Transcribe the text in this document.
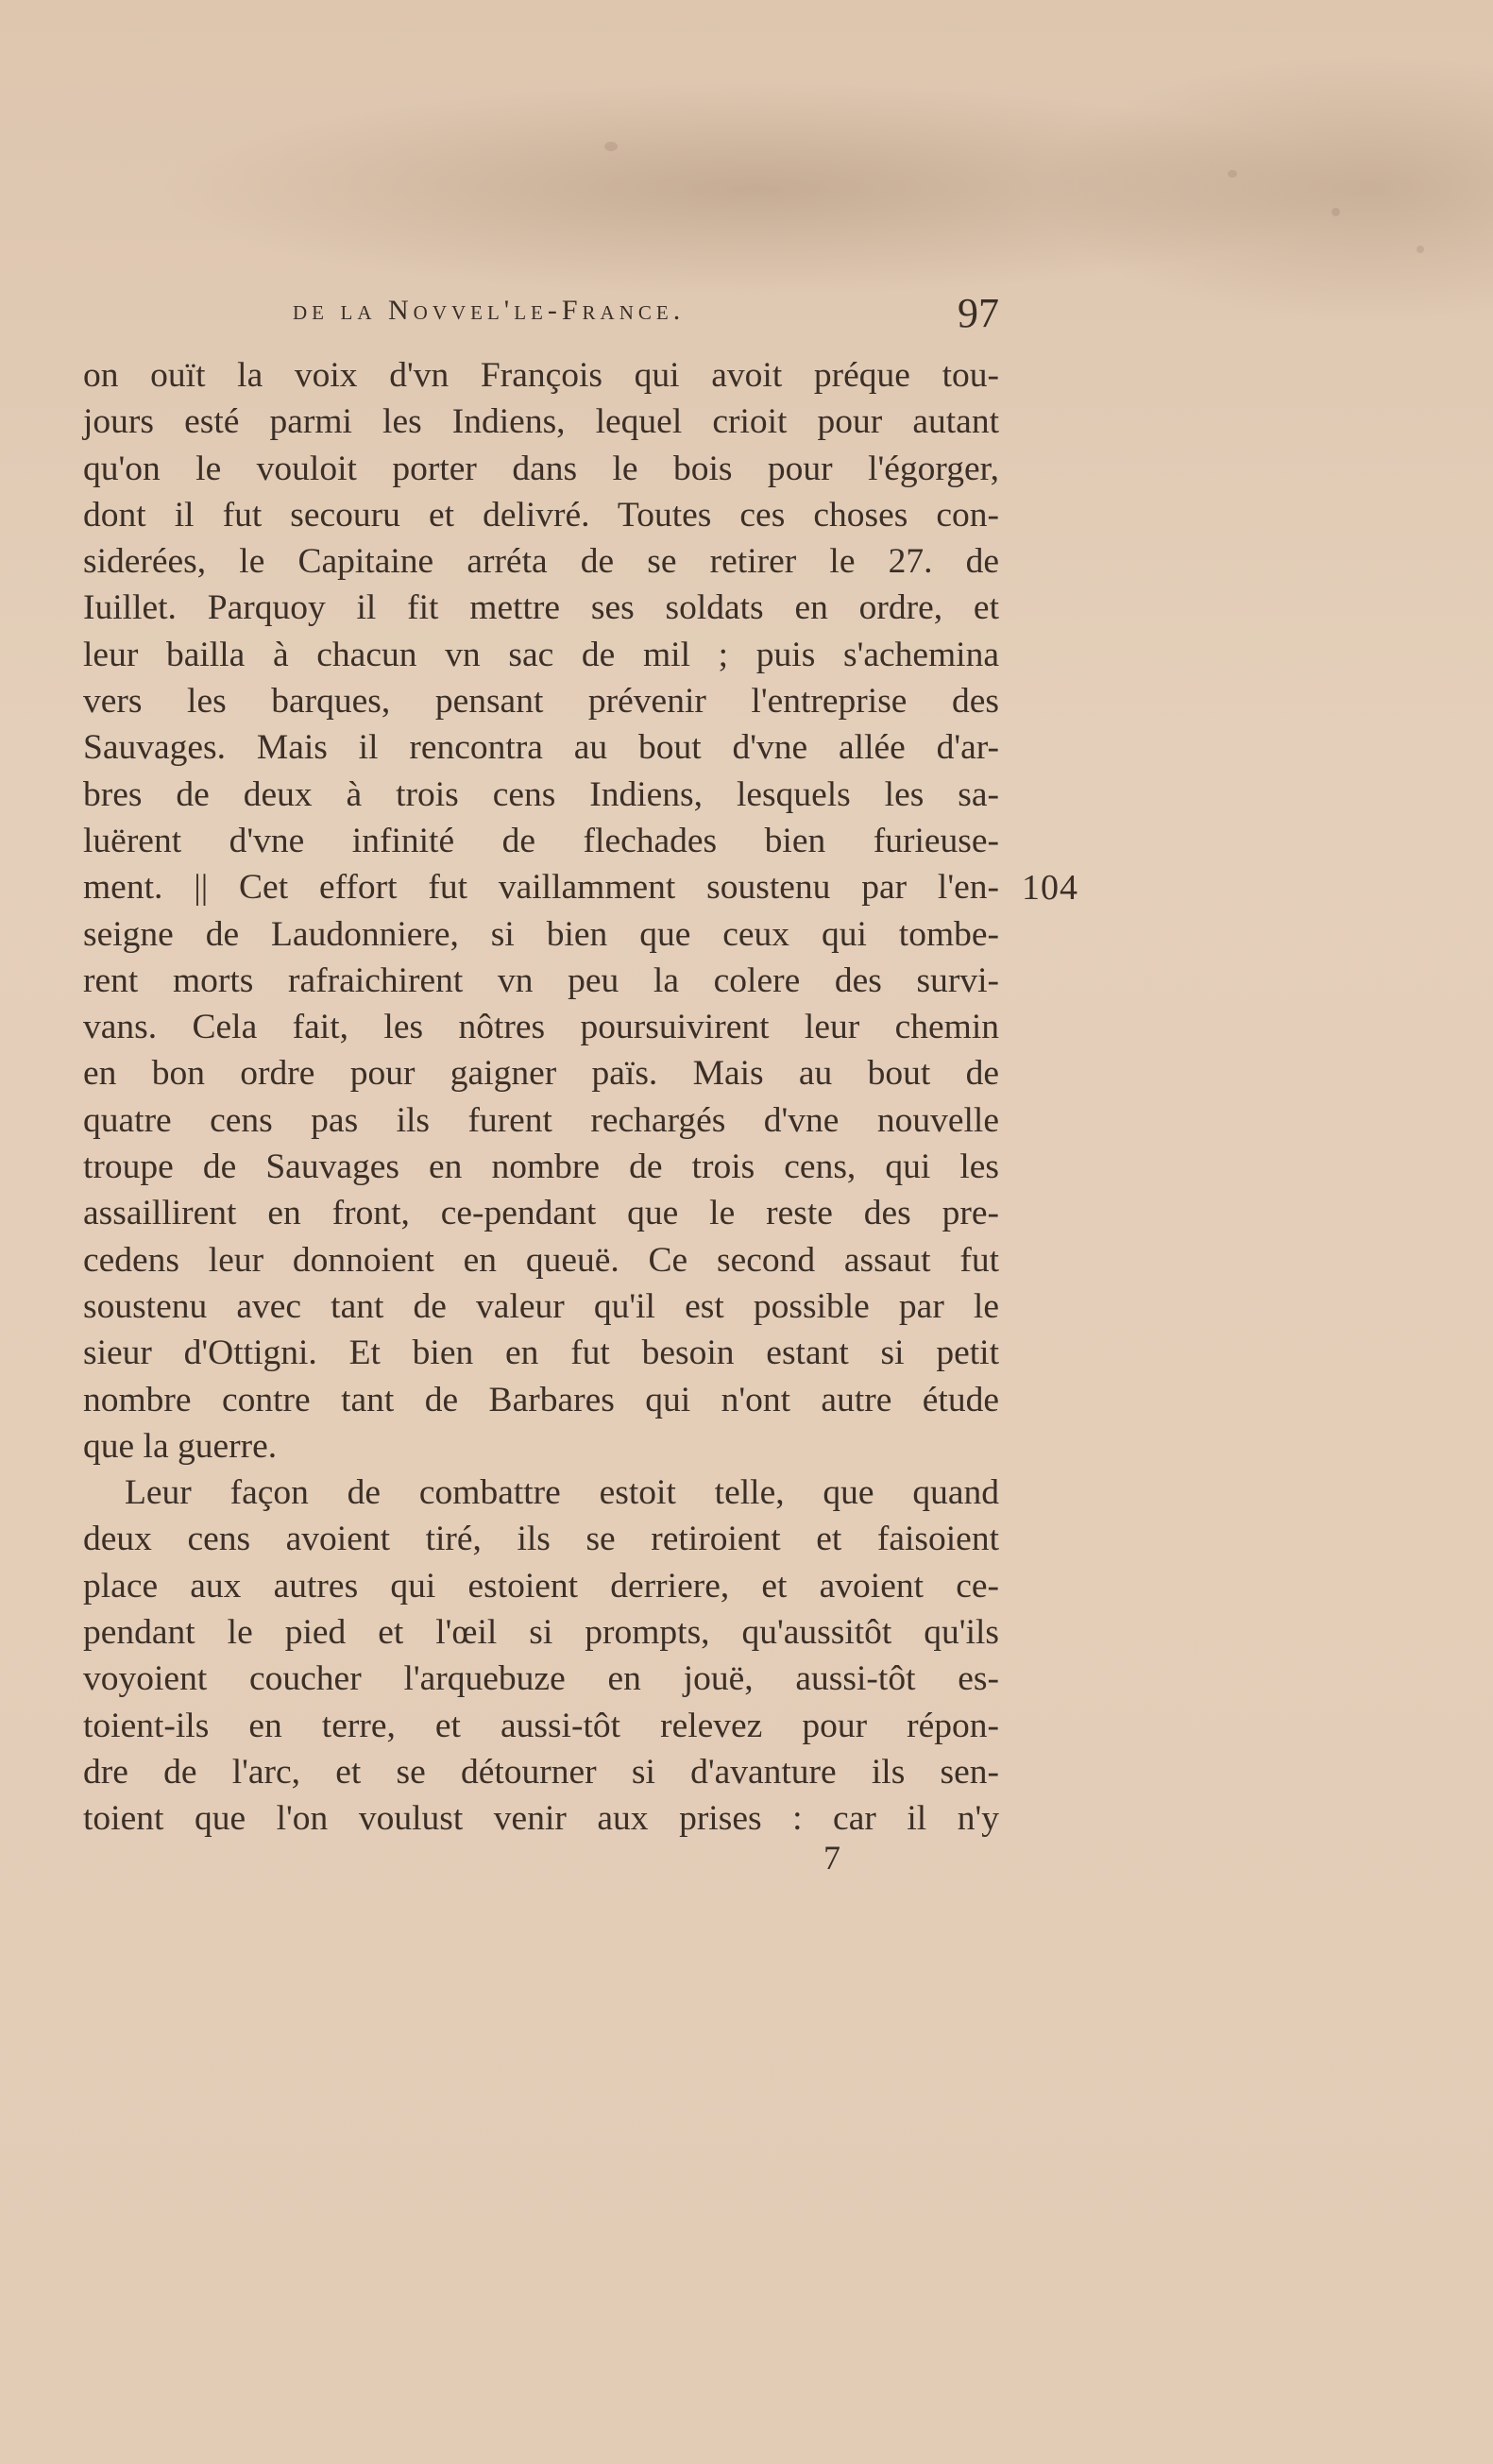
de la Novvel'le-France.	97
on ouït la voix d'vn François qui avoit préque tou-
jours esté parmi les Indiens, lequel crioit pour autant
qu'on le vouloit porter dans le bois pour l'égorger,
dont il fut secouru et delivré. Toutes ces choses con-
siderées, le Capitaine arréta de se retirer le 27. de
Iuillet. Parquoy il fit mettre ses soldats en ordre, et
leur bailla à chacun vn sac de mil ; puis s'achemina
vers les barques, pensant prévenir l'entreprise des
Sauvages. Mais il rencontra au bout d'vne allée d'ar-
bres de deux à trois cens Indiens, lesquels les sa-
luërent d'vne infinité de flechades bien furieuse-
ment. || Cet effort fut vaillamment soustenu par l'en-
seigne de Laudonniere, si bien que ceux qui tombe-
rent morts rafraichirent vn peu la colere des survi-
vans. Cela fait, les nôtres poursuivirent leur chemin
en bon ordre pour gaigner païs. Mais au bout de
quatre cens pas ils furent rechargés d'vne nouvelle
troupe de Sauvages en nombre de trois cens, qui les
assaillirent en front, ce-pendant que le reste des pre-
cedens leur donnoient en queuë. Ce second assaut fut
soustenu avec tant de valeur qu'il est possible par le
sieur d'Ottigni. Et bien en fut besoin estant si petit
nombre contre tant de Barbares qui n'ont autre étude
que la guerre.
Leur façon de combattre estoit telle, que quand
deux cens avoient tiré, ils se retiroient et faisoient
place aux autres qui estoient derriere, et avoient ce-
pendant le pied et l'œil si prompts, qu'aussitôt qu'ils
voyoient coucher l'arquebuze en jouë, aussi-tôt es-
toient-ils en terre, et aussi-tôt relevez pour répon-
dre de l'arc, et se détourner si d'avanture ils sen-
toient que l'on voulust venir aux prises : car il n'y
104
7
